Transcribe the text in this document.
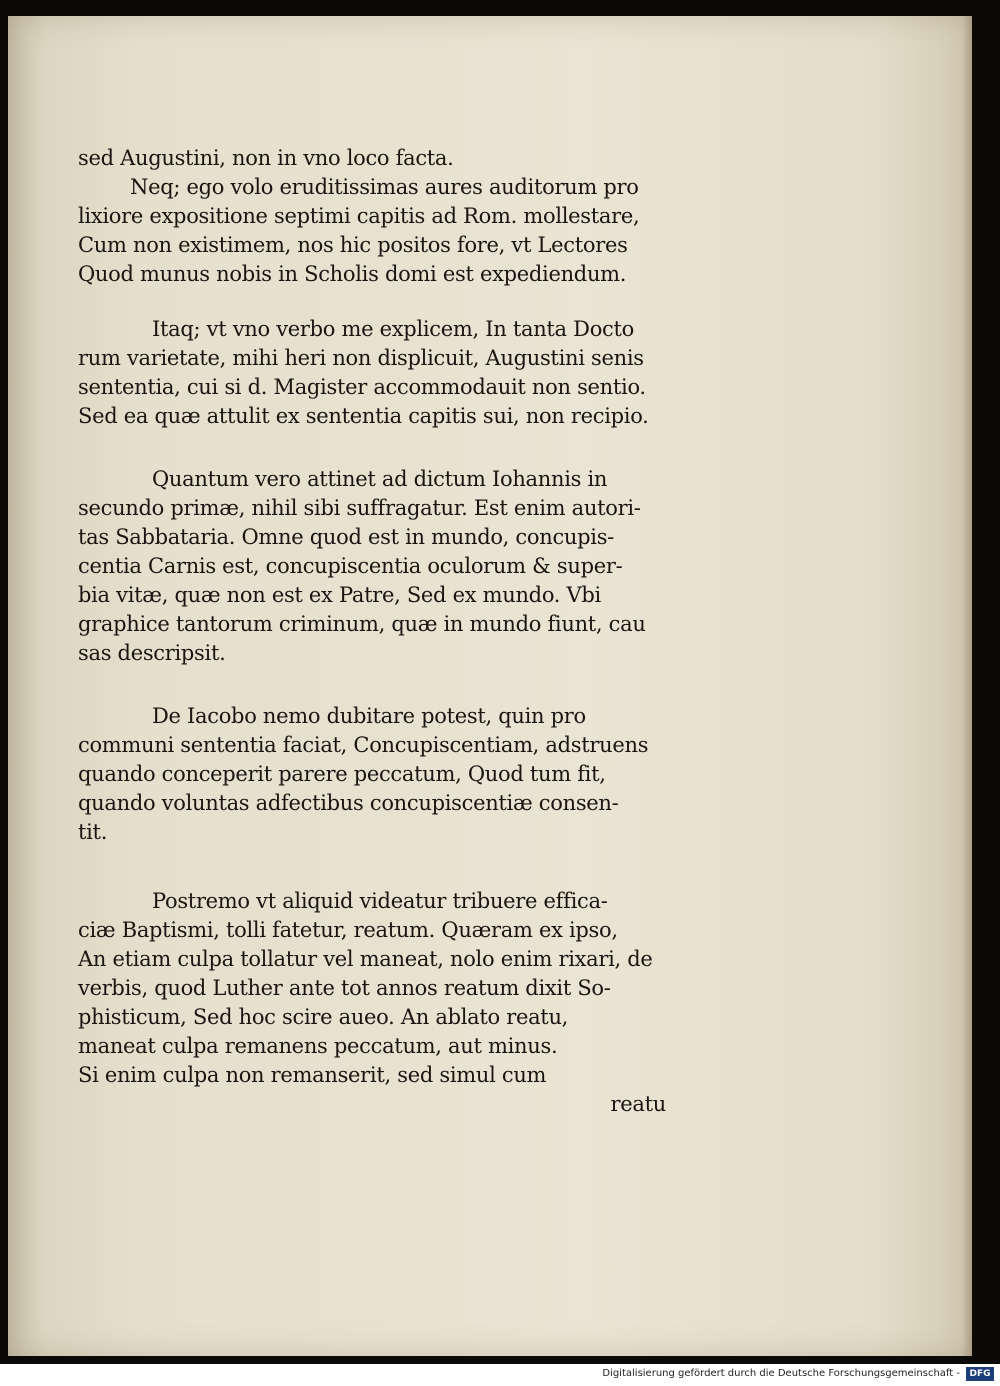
sed Augustini, non in vno loco facta.

Neq; ego volo eruditissimas aures auditorum pro

lixiore expositione septimi capitis ad Rom. mollestare,

Cum non existimem, nos hic positos fore, vt Lectores

Quod munus nobis in Scholis domi est expediendum.

Itaq; vt vno verbo me explicem, In tanta Docto

rum varietate, mihi heri non displicuit, Augustini senis

sententia, cui si d. Magister accommodauit non sentio.

Sed ea quæ attulit ex sententia capitis sui, non recipio.

Quantum vero attinet ad dictum Iohannis in

secundo primæ, nihil sibi suffragatur. Est enim autori-

tas Sabbataria. Omne quod est in mundo, concupis-

centia Carnis est, concupiscentia oculorum & super-

bia vitæ, quæ non est ex Patre, Sed ex mundo. Vbi

graphice tantorum criminum, quæ in mundo fiunt, cau

sas descripsit.

De Iacobo nemo dubitare potest, quin pro

communi sententia faciat, Concupiscentiam, adstruens

quando conceperit parere peccatum, Quod tum fit,

quando voluntas adfectibus concupiscentiæ consen-

tit.

Postremo vt aliquid videatur tribuere effica-

ciæ Baptismi, tolli fatetur, reatum. Quæram ex ipso,

An etiam culpa tollatur vel maneat, nolo enim rixari, de

verbis, quod Luther ante tot annos reatum dixit So-

phisticum, Sed hoc scire aueo. An ablato reatu,

maneat culpa remanens peccatum, aut minus.

Si enim culpa non remanserit, sed simul cum

reatu

Digitalisierung gefördert durch die Deutsche Forschungsgemeinschaft -	DFG
